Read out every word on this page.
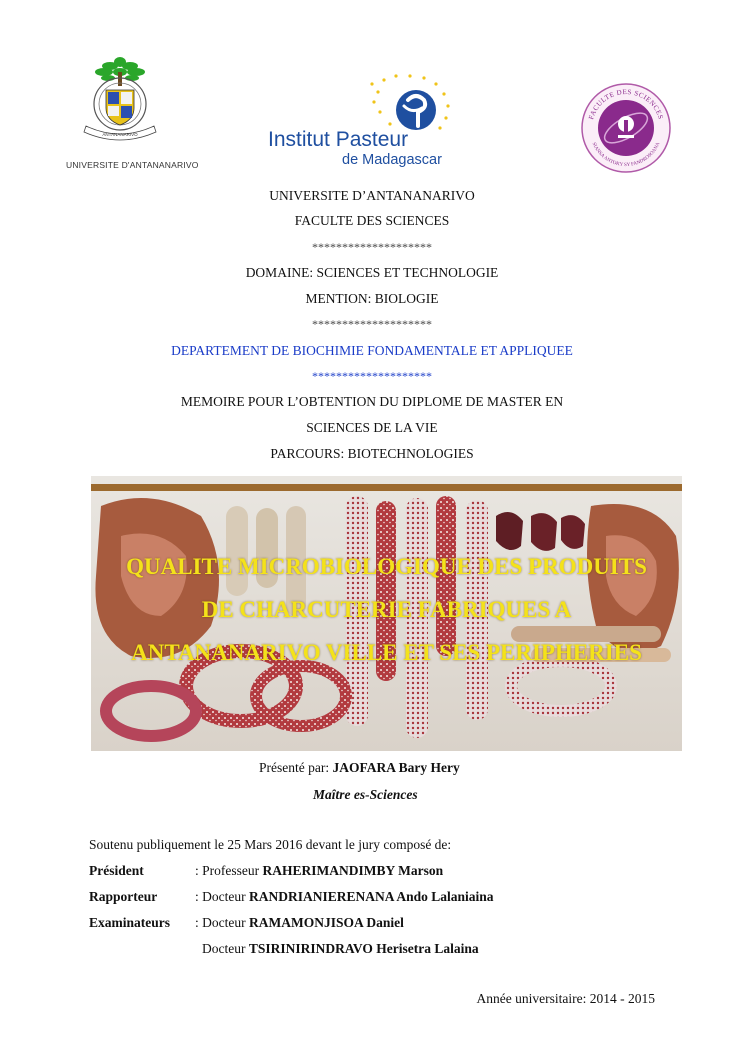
ANTANANARIVO
UNIVERSITE D'ANTANANARIVO
Institut Pasteur
de Madagascar
FACULTE DES SCIENCES
SIANSA ANTOKY SY FANDROSOANA
UNIVERSITE D’ANTANANARIVO
FACULTE DES SCIENCES
********************
DOMAINE: SCIENCES ET TECHNOLOGIE
MENTION: BIOLOGIE
********************
DEPARTEMENT DE BIOCHIMIE FONDAMENTALE ET APPLIQUEE
********************
MEMOIRE POUR L’OBTENTION DU DIPLOME DE MASTER EN
SCIENCES DE LA VIE
PARCOURS: BIOTECHNOLOGIES
QUALITE MICROBIOLOGIQUE DES PRODUITS
DE CHARCUTERIE FABRIQUES A
ANTANANARIVO VILLE ET SES PERIPHERIES
Présenté par: JAOFARA Bary Hery
Maître es-Sciences
Soutenu publiquement le 25 Mars 2016 devant le jury composé de:
Président	: Professeur RAHERIMANDIMBY Marson
Rapporteur	: Docteur RANDRIANIERENANA Ando Lalaniaina
Examinateurs : Docteur RAMAMONJISOA Daniel
Docteur TSIRINIRINDRAVO Herisetra Lalaina
Année universitaire: 2014 - 2015
